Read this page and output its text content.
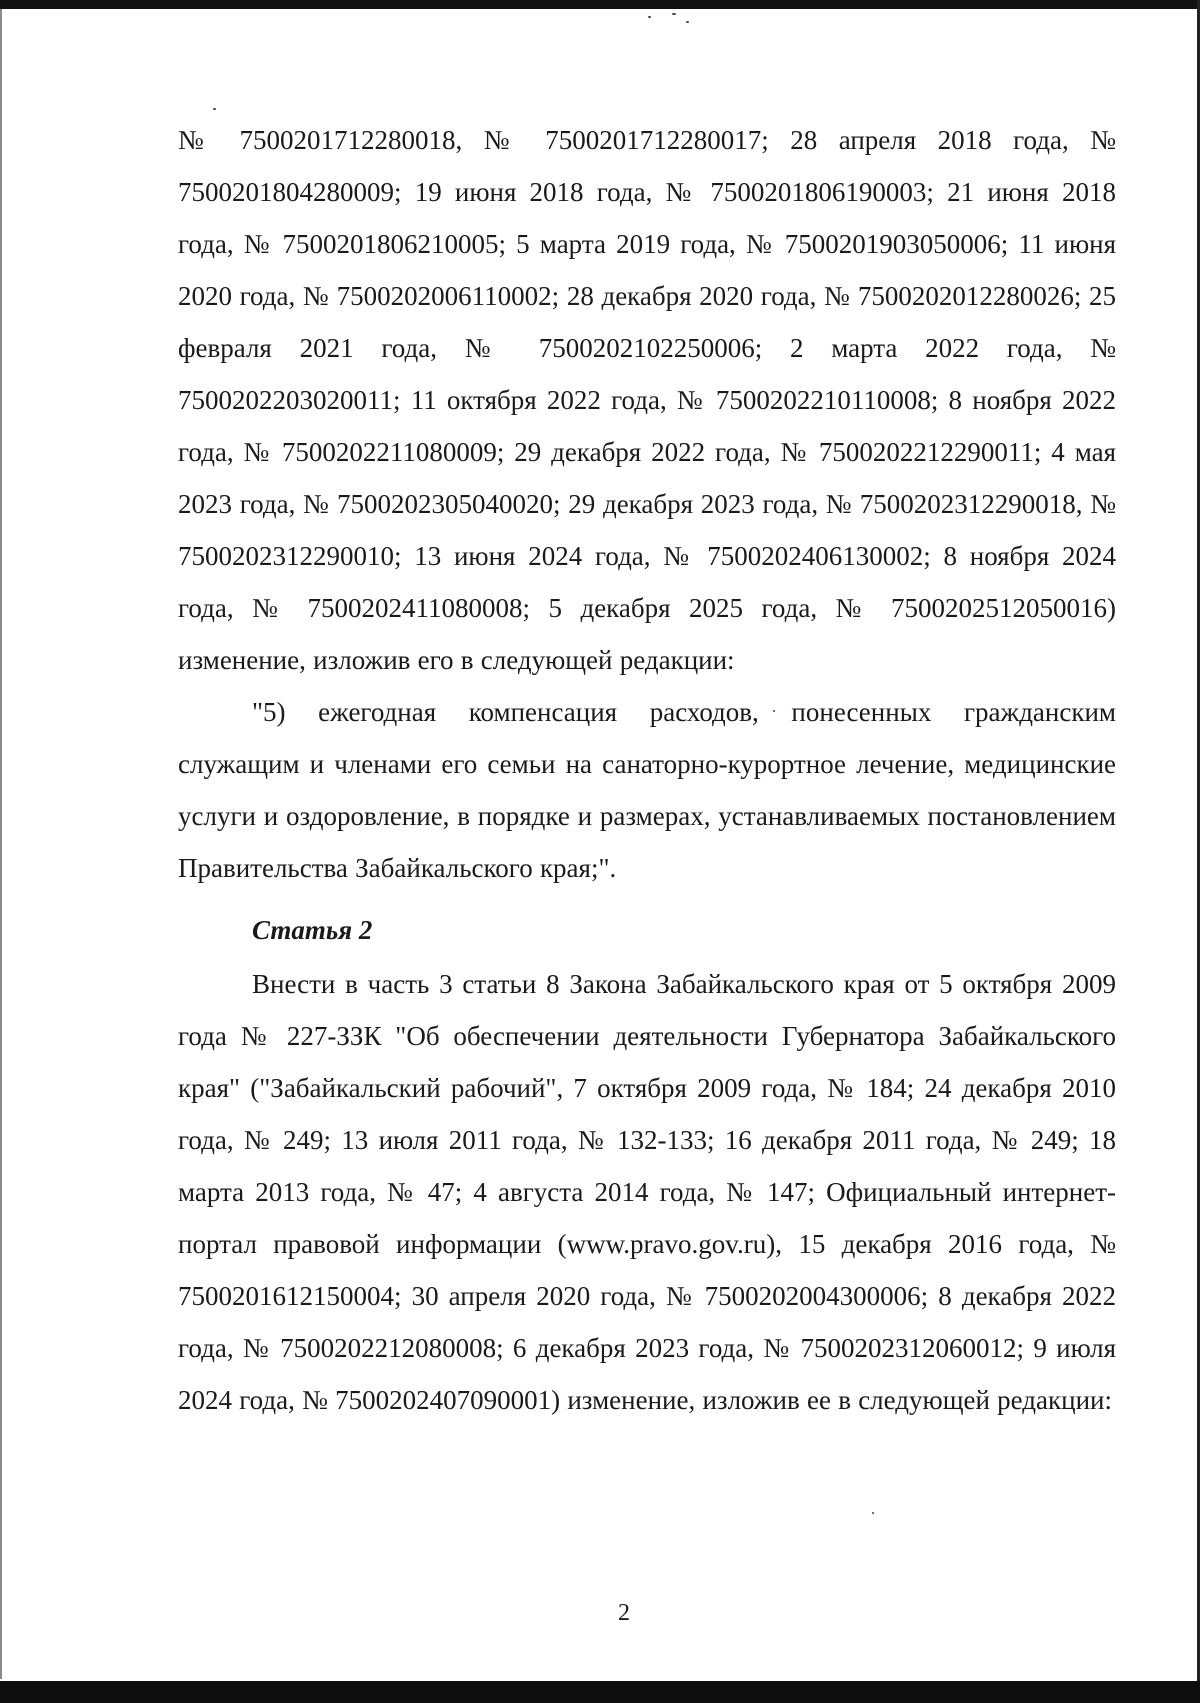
№ 7500201712280018, № 7500201712280017; 28 апреля 2018 года, № 7500201804280009; 19 июня 2018 года, № 7500201806190003; 21 июня 2018 года, № 7500201806210005; 5 марта 2019 года, № 7500201903050006; 11 июня 2020 года, № 7500202006110002; 28 декабря 2020 года, № 7500202012280026; 25 февраля 2021 года, № 7500202102250006; 2 марта 2022 года, № 7500202203020011; 11 октября 2022 года, № 7500202210110008; 8 ноября 2022 года, № 7500202211080009; 29 декабря 2022 года, № 7500202212290011; 4 мая 2023 года, № 7500202305040020; 29 декабря 2023 года, № 7500202312290018, № 7500202312290010; 13 июня 2024 года, № 7500202406130002; 8 ноября 2024 года, № 7500202411080008; 5 декабря 2025 года, № 7500202512050016) изменение, изложив его в следующей редакции:

"5) ежегодная компенсация расходов, понесенных гражданским служащим и членами его семьи на санаторно-курортное лечение, медицинские услуги и оздоровление, в порядке и размерах, устанавливаемых постановлением Правительства Забайкальского края;".

Статья 2

Внести в часть 3 статьи 8 Закона Забайкальского края от 5 октября 2009 года № 227-ЗЗК "Об обеспечении деятельности Губернатора Забайкальского края" ("Забайкальский рабочий", 7 октября 2009 года, № 184; 24 декабря 2010 года, № 249; 13 июля 2011 года, № 132-133; 16 декабря 2011 года, № 249; 18 марта 2013 года, № 47; 4 августа 2014 года, № 147; Официальный интернет-портал правовой информации (www.pravo.gov.ru), 15 декабря 2016 года, № 7500201612150004; 30 апреля 2020 года, № 7500202004300006; 8 декабря 2022 года, № 7500202212080008; 6 декабря 2023 года, № 7500202312060012; 9 июля 2024 года, № 7500202407090001) изменение, изложив ее в следующей редакции:

2
